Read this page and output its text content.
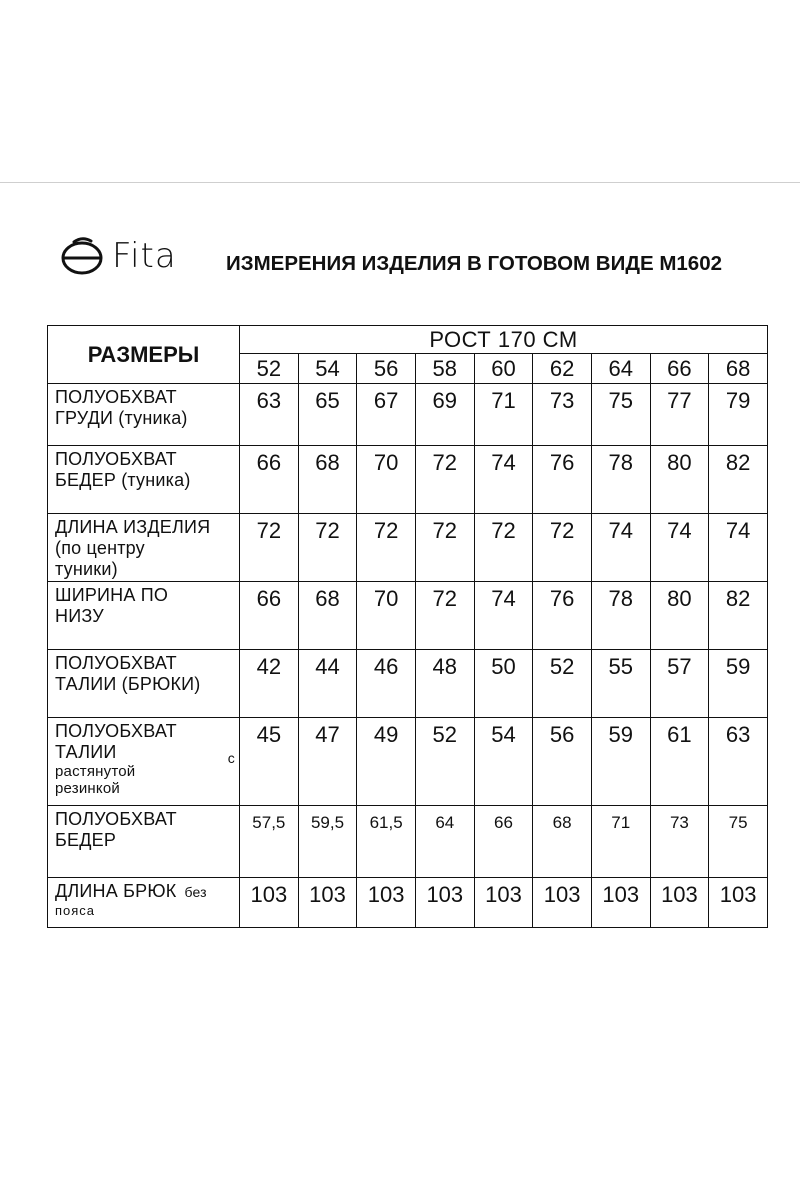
Fita ИЗМЕРЕНИЯ ИЗДЕЛИЯ В ГОТОВОМ ВИДЕ М1602
РАЗМЕРЫ	РОСТ 170 СМ								
	52	54	56	58	60	62	64	66	68

ПОЛУОБХВАТ
ГРУДИ (туника)	63	65	67	69	71	73	75	77	79

ПОЛУОБХВАТ
БЕДЕР (туника)	66	68	70	72	74	76	78	80	82

ДЛИНА ИЗДЕЛИЯ
(по центру
туники)	72	72	72	72	72	72	74	74	74

ШИРИНА ПО
НИЗУ	66	68	70	72	74	76	78	80	82

ПОЛУОБХВАТ
ТАЛИИ (БРЮКИ)	42	44	46	48	50	52	55	57	59

ПОЛУОБХВАТ
с
ТАЛИИ
растянутой
резинкой	45	47	49	52	54	56	59	61	63

ПОЛУОБХВАТ
БЕДЕР	57,5	59,5	61,5	64	66	68	71	73	75

ДЛИНА БРЮК без
пояса	103	103	103	103	103	103	103	103	103
